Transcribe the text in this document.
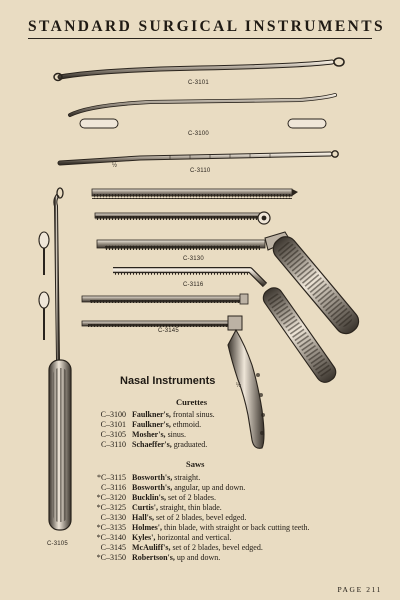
STANDARD SURGICAL INSTRUMENTS
C-3101
C-3100
C-3110
½
C-3130
C-3116
C-3145
C-3105
½
Nasal Instruments
Curettes
C–3100 Faulkner's, frontal sinus.
C–3101 Faulkner's, ethmoid.
C–3105 Mosher's, sinus.
C–3110 Schaeffer's, graduated.
Saws
*C–3115 Bosworth's, straight.
C–3116 Bosworth's, angular, up and down.
*C–3120 Bucklin's, set of 2 blades.
*C–3125 Curtis', straight, thin blade.
C–3130 Hall's, set of 2 blades, bevel edged.
*C–3135 Holmes', thin blade, with straight or back cutting teeth.
*C–3140 Kyles', horizontal and vertical.
C–3145 McAuliff's, set of 2 blades, bevel edged.
*C–3150 Robertson's, up and down.
PAGE 211
